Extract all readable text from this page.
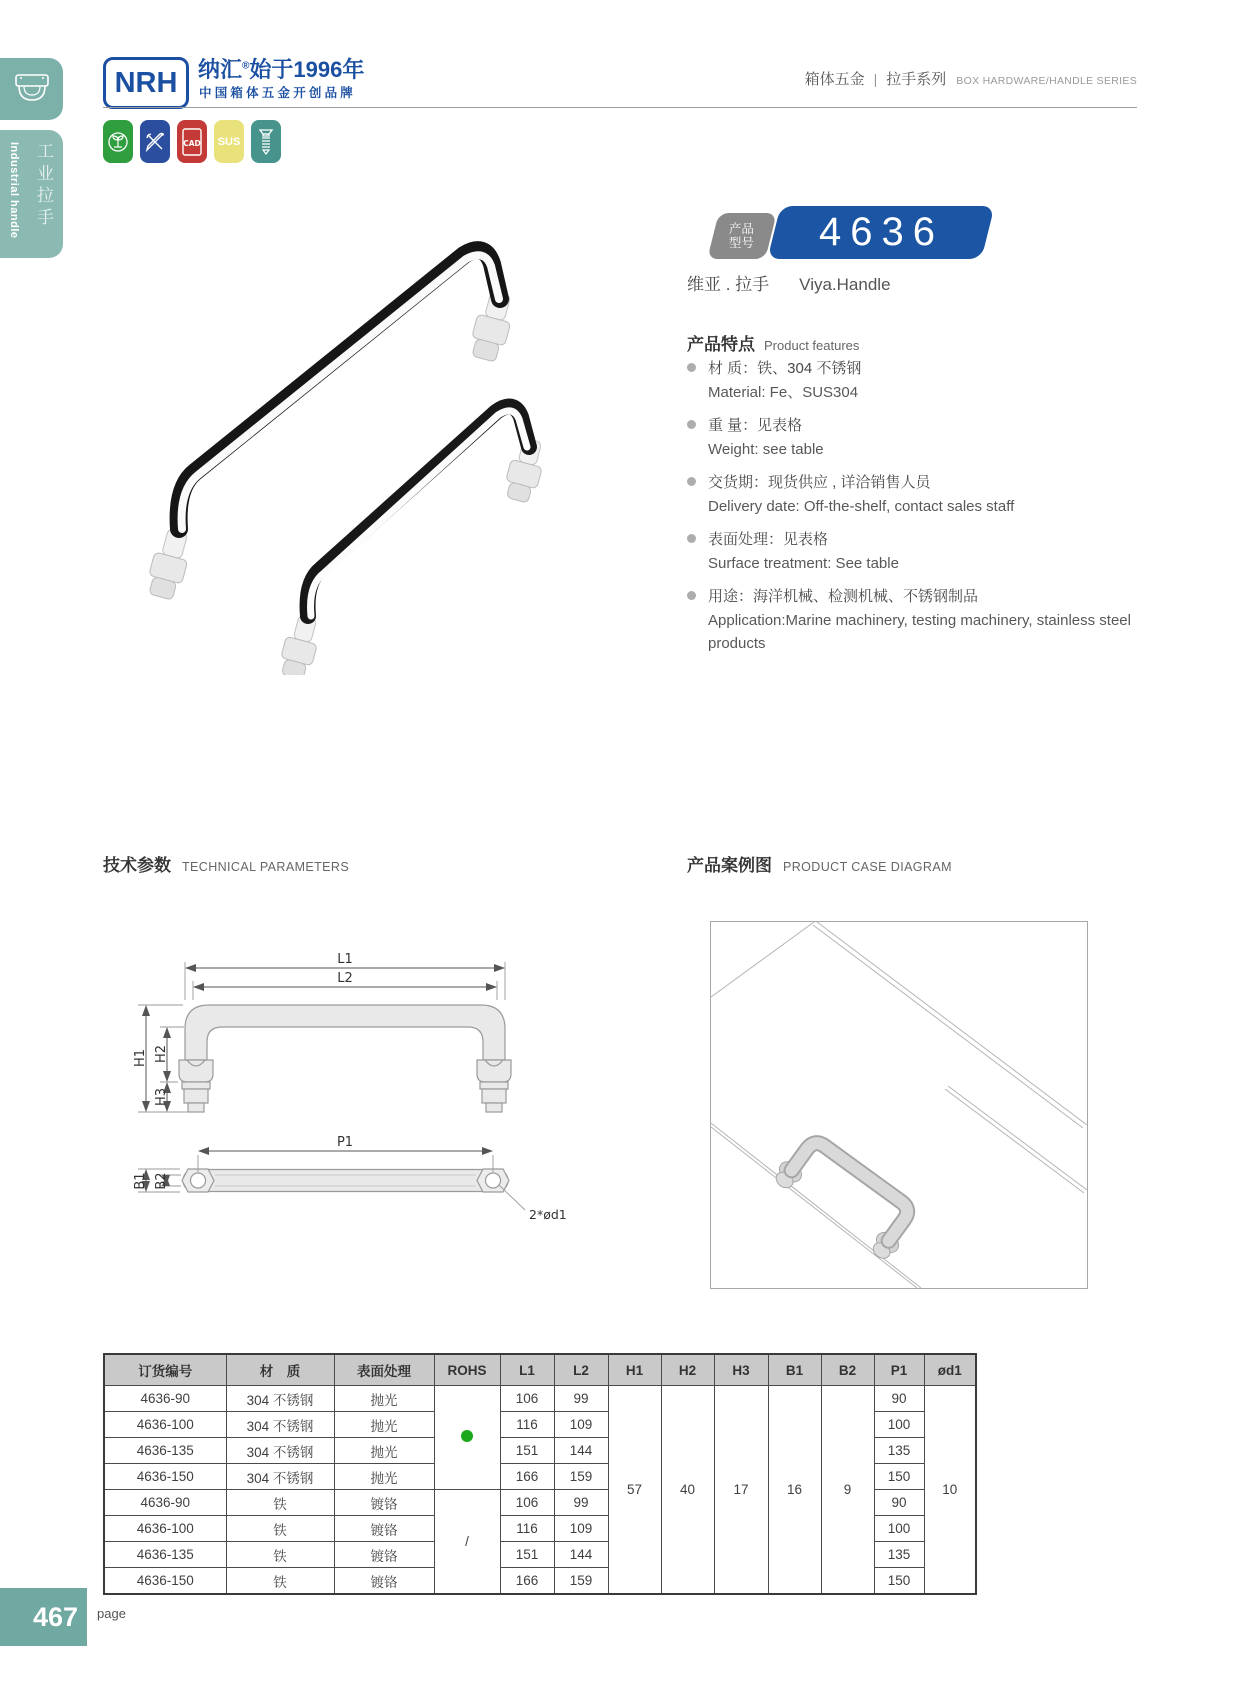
Industrial handle 工业拉手
NRH 纳汇®始于1996年
中国箱体五金开创品牌
箱体五金 | 拉手系列 BOX HARDWARE/HANDLE SERIES
CAD SUS
产品
型号 4636
维亚 . 拉手 Viya.Handle
产品特点 Product features
材 质：铁、304 不锈钢
Material: Fe、SUS304
重 量：见表格
Weight: see table
交货期：现货供应 , 详洽销售人员
Delivery date: Off-the-shelf, contact sales staff
表面处理：见表格
Surface treatment: See table
用途：海洋机械、检测机械、不锈钢制品
Application:Marine machinery, testing machinery, stainless steel products
技术参数 TECHNICAL PARAMETERS	产品案例图 PRODUCT CASE DIAGRAM
L1
L2
H1 H2
H3
P1
B1 B2
2*ød1
订货编号	材　质	表面处理	ROHS	L1	L2	H1	H2	H3	B1	B2	P1	ød1
4636-90	304 不锈钢	抛光		106	99	57	40	17	16	9	90	10
4636-100	304 不锈钢	抛光		116	109						100	
4636-135	304 不锈钢	抛光		151	144						135	
4636-150	304 不锈钢	抛光		166	159						150	
4636-90	铁	镀铬	/	106	99						90	
4636-100	铁	镀铬		116	109						100	
4636-135	铁	镀铬		151	144						135	
4636-150	铁	镀铬		166	159						150	
467	page
